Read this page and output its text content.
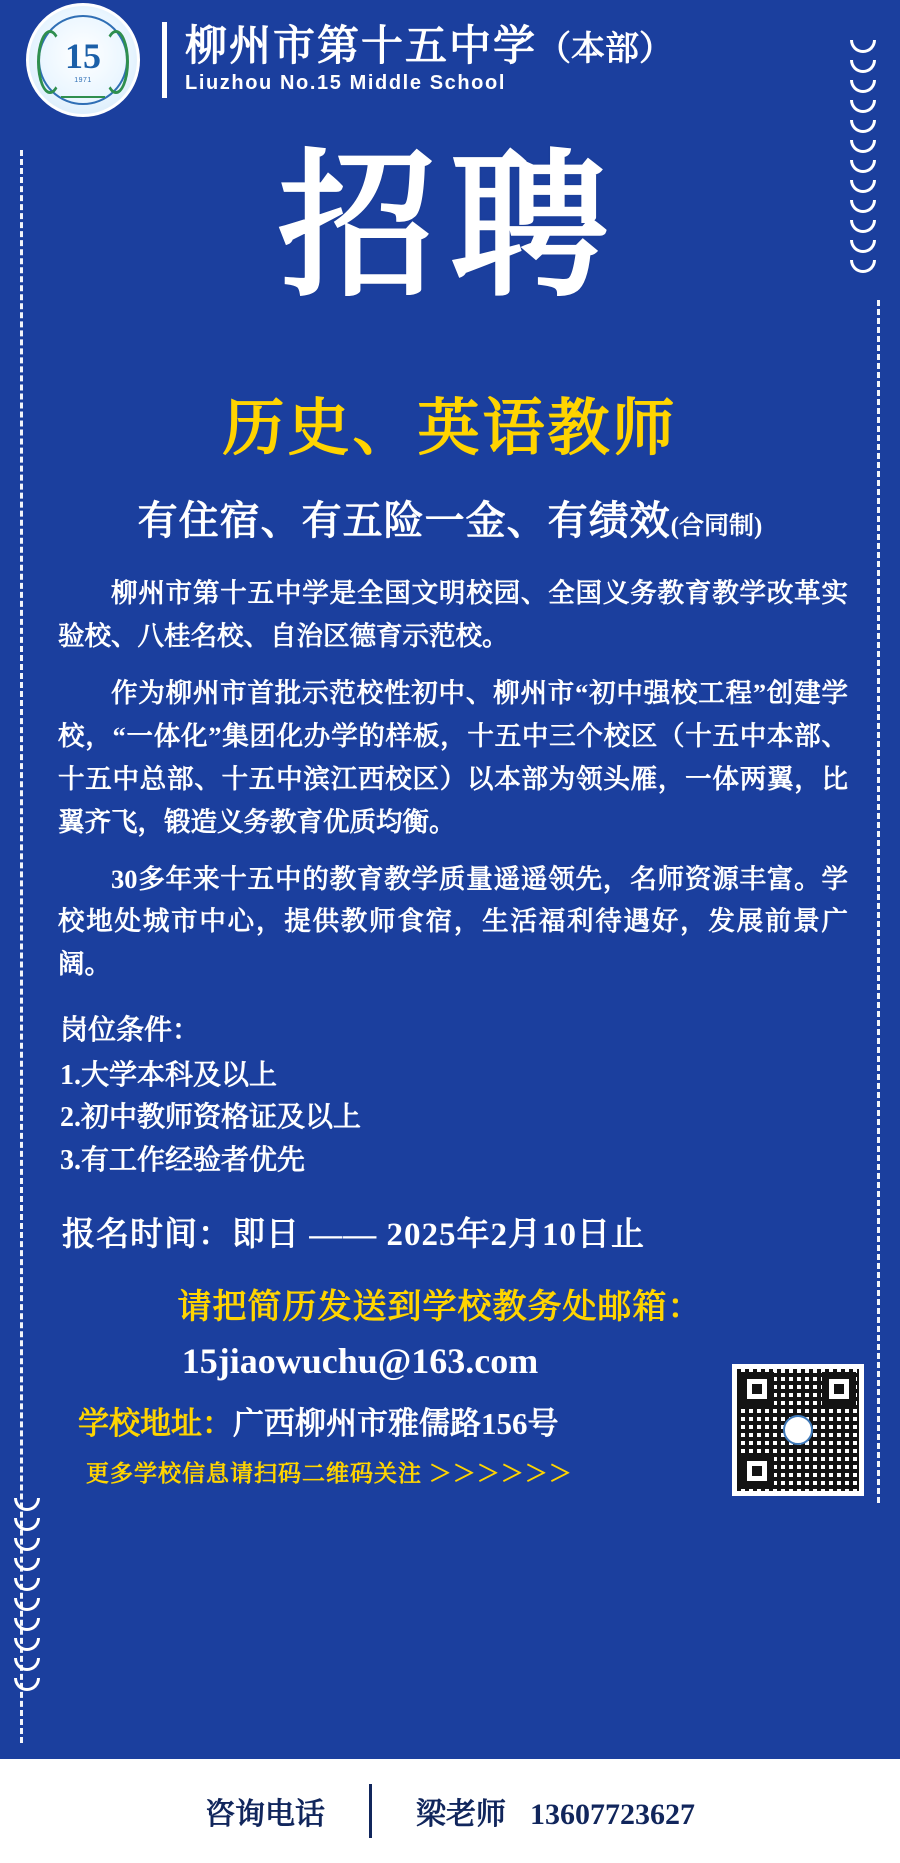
15
1971
柳州市第十五中学（本部）
Liuzhou No.15 Middle School
招聘
历史、英语教师
有住宿、有五险一金、有绩效(合同制)

柳州市第十五中学是全国文明校园、全国义务教育教学改革实验校、八桂名校、自治区德育示范校。

作为柳州市首批示范校性初中、柳州市“初中强校工程”创建学校，“一体化”集团化办学的样板，十五中三个校区（十五中本部、十五中总部、十五中滨江西校区）以本部为领头雁，一体两翼，比翼齐飞，锻造义务教育优质均衡。

30多年来十五中的教育教学质量遥遥领先，名师资源丰富。学校地处城市中心，提供教师食宿，生活福利待遇好，发展前景广阔。

岗位条件：
1.大学本科及以上
2.初中教师资格证及以上
3.有工作经验者优先
报名时间：即日 —— 2025年2月10日止
请把简历发送到学校教务处邮箱：
15jiaowuchu@163.com
学校地址：广西柳州市雅儒路156号
更多学校信息请扫码二维码关注 ＞＞＞＞＞＞
咨询电话	梁老师 13607723627
